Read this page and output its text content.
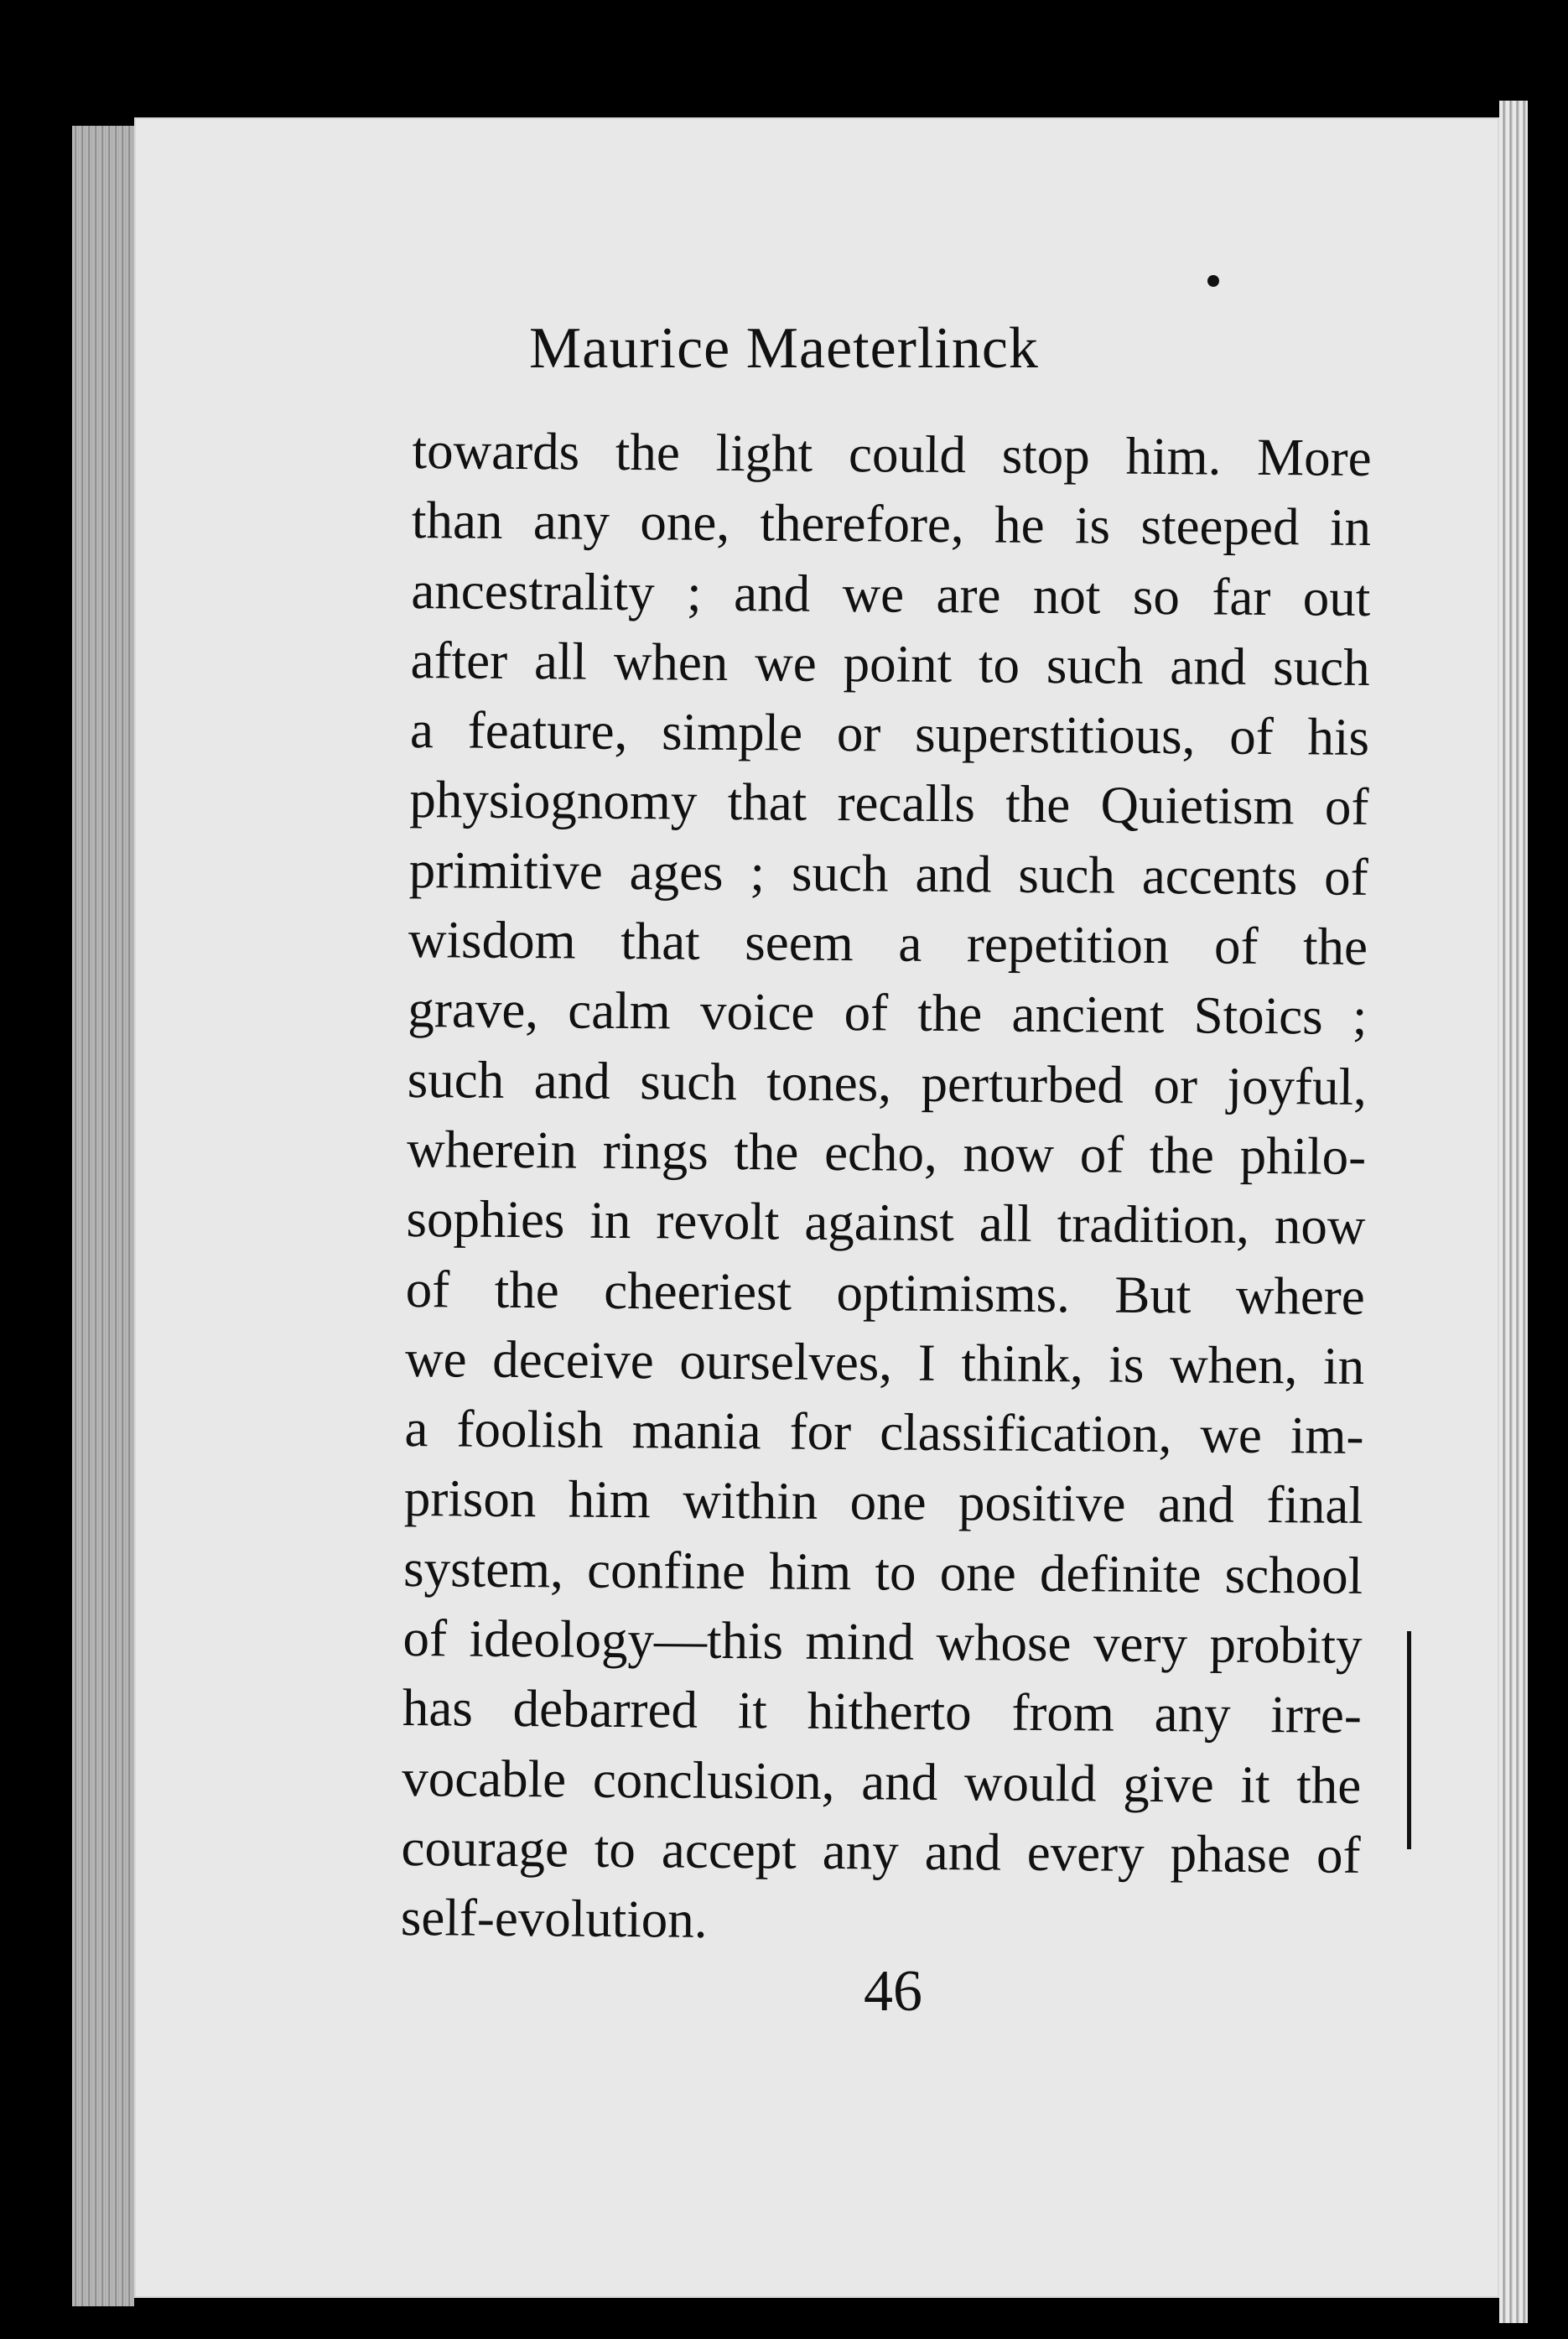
Maurice Maeterlinck
towards the light could stop him. More
than any one, therefore, he is steeped in
ancestrality ; and we are not so far out
after all when we point to such and such
a feature, simple or superstitious, of his
physiognomy that recalls the Quietism of
primitive ages ; such and such accents of
wisdom that seem a repetition of the
grave, calm voice of the ancient Stoics ;
such and such tones, perturbed or joyful,
wherein rings the echo, now of the philo-
sophies in revolt against all tradition, now
of the cheeriest optimisms. But where
we deceive ourselves, I think, is when, in
a foolish mania for classification, we im-
prison him within one positive and final
system, confine him to one definite school
of ideology—this mind whose very probity
has debarred it hitherto from any irre-
vocable conclusion, and would give it the
courage to accept any and every phase of
self-evolution.
46
